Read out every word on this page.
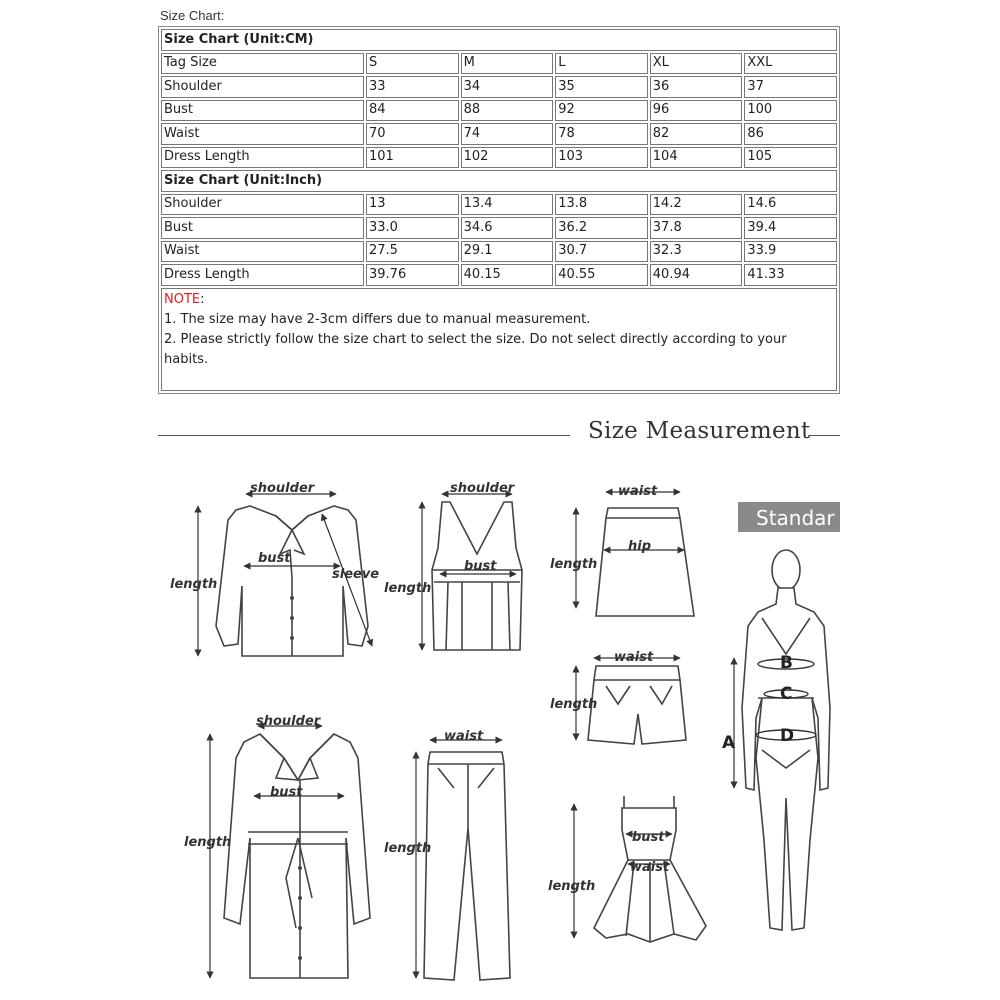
Size Chart:
Size Chart (Unit:CM)					
Tag Size	S	M	L	XL	XXL
Shoulder	33	34	35	36	37
Bust	84	88	92	96	100
Waist	70	74	78	82	86
Dress Length	101	102	103	104	105
Size Chart (Unit:Inch)					
Shoulder	13	13.4	13.8	14.2	14.6
Bust	33.0	34.6	36.2	37.8	39.4
Waist	27.5	29.1	30.7	32.3	33.9
Dress Length	39.76	40.15	40.55	40.94	41.33
NOTE:
1. The size may have 2-3cm differs due to manual measurement.
2. Please strictly follow the size chart to select the size. Do not select directly according to your habits.					
Size Measurement
shoulder
bust
length
sleeve
shoulder
bust
length
waist
hip
length
waist
length
shoulder
bust
length
waist
length
bust
waist
length
Standar
A
B
C
D
